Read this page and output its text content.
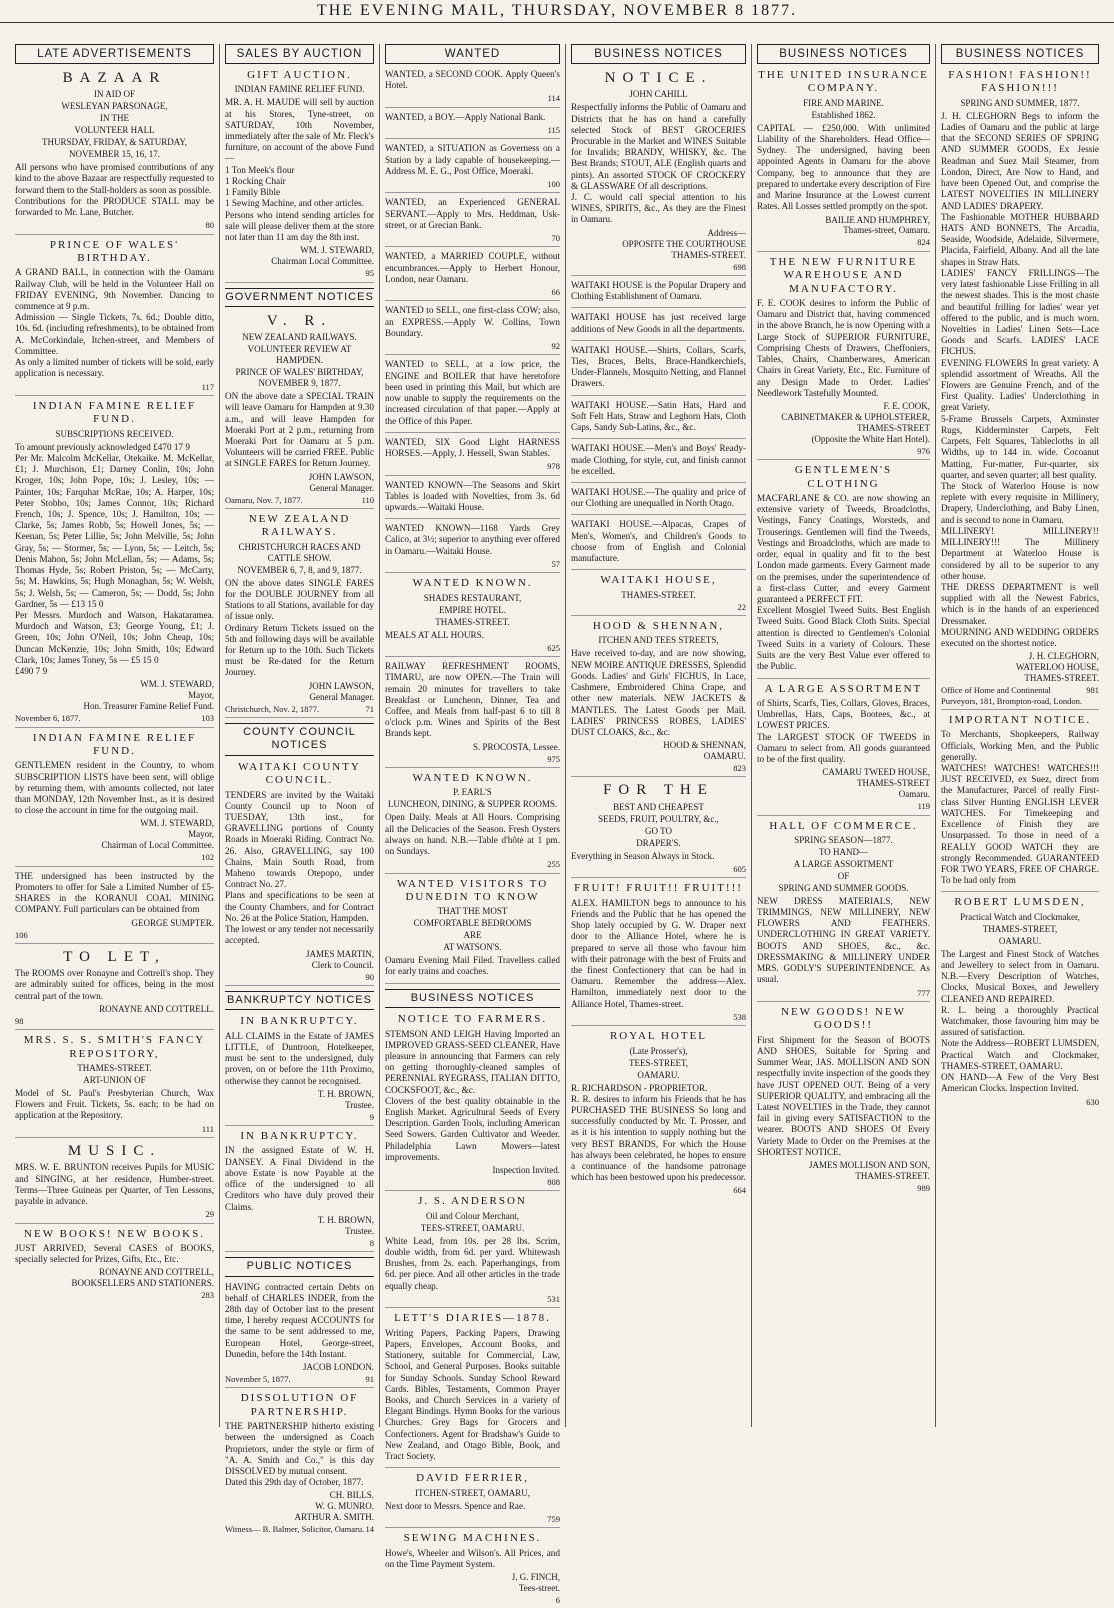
THE EVENING MAIL, THURSDAY, NOVEMBER 8 1877.
LATE ADVERTISEMENTS
BAZAAR
IN AID OF
WESLEYAN PARSONAGE,
IN THE
VOLUNTEER HALL
THURSDAY, FRIDAY, & SATURDAY,
NOVEMBER 15, 16, 17.
All persons who have promised contributions of any kind to the above Bazaar are respectfully requested to forward them to the Stall-holders as soon as possible.
Contributions for the PRODUCE STALL may be forwarded to Mr. Lane, Butcher.
80
PRINCE OF WALES' BIRTHDAY.
A GRAND BALL, in connection with the Oamaru Railway Club, will be held in the Volunteer Hall on FRIDAY EVENING, 9th November. Dancing to commence at 9 p.m.
Admission — Single Tickets, 7s. 6d.; Double ditto, 10s. 6d. (including refreshments), to be obtained from A. McCorkindale, Itchen-street, and Members of Committee.
As only a limited number of tickets will be sold, early application is necessary.
117
INDIAN FAMINE RELIEF FUND.
SUBSCRIPTIONS RECEIVED.
To amount previously acknowledged £470 17 9
Per Mr. Malcolm McKellar, Otekaike. M. McKellar, £1; J. Murchison, £1; Darney Conlin, 10s; John Kroger, 10s; John Pope, 10s; J. Lesley, 10s; — Painter, 10s; Farquhar McRae, 10s; A. Harper, 10s; Peter Stobbo, 10s; James Connor, 10s; Richard French, 10s; J. Spence, 10s; J. Hamilton, 10s; — Clarke, 5s; James Robb, 5s; Howell Jones, 5s; — Keenan, 5s; Peter Lillie, 5s; John Melville, 5s; John Gray, 5s; — Stormer, 5s; — Lyon, 5s; — Leitch, 5s; Denis Mahon, 5s; John McLellan, 5s; — Adams, 5s; Thomas Hyde, 5s; Robert Priston, 5s; — McCarty, 5s; M. Hawkins, 5s; Hugh Monaghan, 5s; W. Welsh, 5s; J. Welsh, 5s; — Cameron, 5s; — Dodd, 5s; John Gardner, 5s — £13 15 0
Per Messrs. Murdoch and Watson, Hakataramea. Murdoch and Watson, £3; George Young, £1; J. Green, 10s; John O'Neil, 10s; John Cheap, 10s; Duncan McKenzie, 10s; John Smith, 10s; Edward Clark, 10s; James Toney, 5s — £5 15 0
£490 7 9
WM. J. STEWARD,
Mayor,
Hon. Treasurer Famine Relief Fund.
November 6, 1877.	103
INDIAN FAMINE RELIEF FUND.
GENTLEMEN resident in the Country, to whom SUBSCRIPTION LISTS have been sent, will oblige by returning them, with amounts collected, not later than MONDAY, 12th November Inst., as it is desired to close the account in time for the outgoing mail.
WM. J. STEWARD,
Mayor,
Chairman of Local Committee.
102
THE undersigned has been instructed by the Promoters to offer for Sale a Limited Number of £5-SHARES in the KORANUI COAL MINING COMPANY. Full particulars can be obtained from
GEORGE SUMPTER.
106
TO LET,
The ROOMS over Ronayne and Cottrell's shop. They are admirably suited for offices, being in the most central part of the town.
RONAYNE AND COTTRELL.
98
MRS. S. S. SMITH'S FANCY REPOSITORY,
THAMES-STREET.
ART-UNION OF
Model of St. Paul's Presbyterian Church, Wax Flowers and Fruit. Tickets, 5s. each; to be had on application at the Repository.
111
MUSIC.
MRS. W. E. BRUNTON receives Pupils for MUSIC and SINGING, at her residence, Humber-street. Terms—Three Guineas per Quarter, of Ten Lessons, payable in advance.
29
NEW BOOKS! NEW BOOKS.
JUST ARRIVED, Several CASES of BOOKS, specially selected for Prizes, Gifts, Etc., Etc.
RONAYNE AND COTTRELL,
BOOKSELLERS AND STATIONERS.
283
SALES BY AUCTION
GIFT AUCTION.
INDIAN FAMINE RELIEF FUND.
MR. A. H. MAUDE will sell by auction at his Stores, Tyne-street, on SATURDAY, 10th November, immediately after the sale of Mr. Fleck's furniture, on account of the above Fund —
1 Ton Meek's flour
1 Rocking Chair
1 Family Bible
1 Sewing Machine, and other articles.
Persons who intend sending articles for sale will please deliver them at the store not later than 11 am day the 8th inst.
WM. J. STEWARD,
Chairman Local Committee.
95
GOVERNMENT NOTICES
V. R.
NEW ZEALAND RAILWAYS.
VOLUNTEER REVIEW AT HAMPDEN.
PRINCE OF WALES' BIRTHDAY, NOVEMBER 9, 1877.
ON the above date a SPECIAL TRAIN will leave Oamaru for Hampden at 9.30 a.m., and will leave Hampden for Moeraki Port at 2 p.m., returning from Moeraki Port for Oamaru at 5 p.m. Volunteers will be carried FREE. Public at SINGLE FARES for Return Journey.
JOHN LAWSON,
General Manager.
Oamaru, Nov. 7, 1877.	110
NEW ZEALAND RAILWAYS.
CHRISTCHURCH RACES AND CATTLE SHOW.
NOVEMBER 6, 7, 8, and 9, 1877.
ON the above dates SINGLE FARES for the DOUBLE JOURNEY from all Stations to all Stations, available for day of issue only.
Ordinary Return Tickets issued on the 5th and following days will be available for Return up to the 10th. Such Tickets must be Re-dated for the Return Journey.
JOHN LAWSON,
General Manager.
Christchurch, Nov. 2, 1877.	71
COUNTY COUNCIL NOTICES
WAITAKI COUNTY COUNCIL.
TENDERS are invited by the Waitaki County Council up to Noon of TUESDAY, 13th inst., for GRAVELLING portions of County Roads in Moeraki Riding. Contract No. 26. Also, GRAVELLING, say 100 Chains, Main South Road, from Maheno towards Otepopo, under Contract No. 27.
Plans and specifications to be seen at the County Chambers, and for Contract No. 26 at the Police Station, Hampden.
The lowest or any tender not necessarily accepted.
JAMES MARTIN,
Clerk to Council.
90
BANKRUPTCY NOTICES
IN BANKRUPTCY.
ALL CLAIMS in the Estate of JAMES LITTLE, of Duntroon, Hotelkeeper, must be sent to the undersigned, duly proven, on or before the 11th Proximo, otherwise they cannot be recognised.
T. H. BROWN,
Trustee.
9
IN BANKRUPTCY.
IN the assigned Estate of W. H. DANSEY. A Final Dividend in the above Estate is now Payable at the office of the undersigned to all Creditors who have duly proved their Claims.
T. H. BROWN,
Trustee.
8
PUBLIC NOTICES
HAVING contracted certain Debts on behalf of CHARLES INDER, from the 28th day of October last to the present time, I hereby request ACCOUNTS for the same to be sent addressed to me, European Hotel, George-street, Dunedin, before the 14th Instant.
JACOB LONDON.
November 5, 1877.	91
DISSOLUTION OF PARTNERSHIP.
THE PARTNERSHIP hitherto existing between the undersigned as Coach Proprietors, under the style or firm of "A. A. Smith and Co.," is this day DISSOLVED by mutual consent.
Dated this 29th day of October, 1877.
CH. BILLS.
W. G. MUNRO.
ARTHUR A. SMITH.
Witness— B. Balmer, Solicitor, Oamaru. 14
WANTED
WANTED, a SECOND COOK. Apply Queen's Hotel.
114
WANTED, a BOY.—Apply National Bank.
115
WANTED, a SITUATION as Governess on a Station by a lady capable of housekeeping.—Address M. E. G., Post Office, Moeraki.
100
WANTED, an Experienced GENERAL SERVANT.—Apply to Mrs. Heddman, Usk-street, or at Grecian Bank.
70
WANTED, a MARRIED COUPLE, without encumbrances.—Apply to Herbert Honour, London, near Oamaru.
66
WANTED to SELL, one first-class COW; also, an EXPRESS.—Apply W. Collins, Town Boundary.
92
WANTED to SELL, at a low price, the ENGINE and BOILER that have heretofore been used in printing this Mail, but which are now unable to supply the requirements on the increased circulation of that paper.—Apply at the Office of this Paper.
WANTED, SIX Good Light HARNESS HORSES.—Apply, J. Hessell, Swan Stables.
978
WANTED KNOWN—The Seasons and Skirt Tables is loaded with Novelties, from 3s. 6d upwards.—Waitaki House.
WANTED KNOWN—1168 Yards Grey Calico, at 3½; superior to anything ever offered in Oamaru.—Waitaki House.
57
WANTED KNOWN.
SHADES RESTAURANT,
EMPIRE HOTEL.
THAMES-STREET.
MEALS AT ALL HOURS.
625
RAILWAY REFRESHMENT ROOMS, TIMARU, are now OPEN.—The Train will remain 20 minutes for travellers to take Breakfast or Luncheon, Dinner, Tea and Coffee, and Meals from half-past 6 to till 8 o'clock p.m. Wines and Spirits of the Best Brands kept.
S. PROCOSTA, Lessee.
975
WANTED KNOWN.
P. EARL'S
LUNCHEON, DINING, & SUPPER ROOMS.
Open Daily. Meals at All Hours. Comprising all the Delicacies of the Season. Fresh Oysters always on hand. N.B.—Table d'hôte at 1 pm. on Sundays.
255
WANTED VISITORS TO DUNEDIN TO KNOW
THAT THE MOST
COMFORTABLE BEDROOMS
ARE
AT WATSON'S.
Oamaru Evening Mail Filed. Travellers called for early trains and coaches.
BUSINESS NOTICES
NOTICE TO FARMERS.
STEMSON AND LEIGH Having Imported an IMPROVED GRASS-SEED CLEANER, Have pleasure in announcing that Farmers can rely on getting thoroughly-cleaned samples of PERENNIAL RYEGRASS, ITALIAN DITTO, COCKSFOOT, &c., &c.
Clovers of the best quality obtainable in the English Market. Agricultural Seeds of Every Description. Garden Tools, including American Seed Sowers. Garden Cultivator and Weeder. Philadelphia Lawn Mowers—latest improvements.
Inspection Invited.
808
J. S. ANDERSON
Oil and Colour Merchant,
TEES-STREET, OAMARU.
White Lead, from 10s. per 28 lbs. Scrim, double width, from 6d. per yard. Whitewash Brushes, from 2s. each. Paperhangings, from 6d. per piece. And all other articles in the trade equally cheap.
531
LETT'S DIARIES—1878.
Writing Papers, Packing Papers, Drawing Papers, Envelopes, Account Books, and Stationery, suitable for Commercial, Law, School, and General Purposes. Books suitable for Sunday Schools. Sunday School Reward Cards. Bibles, Testaments, Common Prayer Books, and Church Services in a variety of Elegant Bindings. Hymn Books for the various Churches. Grey Bags for Grocers and Confectioners. Agent for Bradshaw's Guide to New Zealand, and Otago Bible, Book, and Tract Society.
DAVID FERRIER,
ITCHEN-STREET, OAMARU,
Next door to Messrs. Spence and Rae.
759
SEWING MACHINES.
Howe's, Wheeler and Wilson's. All Prices, and on the Time Payment System.
J. G. FINCH,
Tees-street.
6
BUSINESS NOTICES
NOTICE.
JOHN CAHILL
Respectfully informs the Public of Oamaru and Districts that he has on hand a carefully selected Stock of BEST GROCERIES Procurable in the Market and WINES Suitable for Invalids; BRANDY, WHISKY, &c. The Best Brands; STOUT, ALE (English quarts and pints). An assorted STOCK OF CROCKERY & GLASSWARE Of all descriptions.
J. C. would call special attention to his WINES, SPIRITS, &c., As they are the Finest in Oamaru.
Address—
OPPOSITE THE COURTHOUSE
THAMES-STREET.
698
WAITAKI HOUSE is the Popular Drapery and Clothing Establishment of Oamaru.
WAITAKI HOUSE has just received large additions of New Goods in all the departments.
WAITAKI HOUSE.—Shirts, Collars, Scarfs, Ties, Braces, Belts, Brace-Handkerchiefs, Under-Flannels, Mosquito Netting, and Flannel Drawers.
WAITAKI HOUSE.—Satin Hats, Hard and Soft Felt Hats, Straw and Leghorn Hats, Cloth Caps, Sandy Sub-Latins, &c., &c.
WAITAKI HOUSE.—Men's and Boys' Ready-made Clothing, for style, cut, and finish cannot be excelled.
WAITAKI HOUSE.—The quality and price of our Clothing are unequalled in North Otago.
WAITAKI HOUSE.—Alpacas, Crapes of Men's, Women's, and Children's Goods to choose from of English and Colonial manufacture.
WAITAKI HOUSE,
THAMES-STREET.
22
HOOD & SHENNAN,
ITCHEN AND TEES STREETS,
Have received to-day, and are now showing, NEW MOIRE ANTIQUE DRESSES, Splendid Goods. Ladies' and Girls' FICHUS, In Lace, Cashmere, Embroidered China Crape, and other new materials. NEW JACKETS & MANTLES. The Latest Goods per Mail. LADIES' PRINCESS ROBES, LADIES' DUST CLOAKS, &c., &c.
HOOD & SHENNAN,
OAMARU.
823
FOR THE
BEST AND CHEAPEST
SEEDS, FRUIT, POULTRY, &c.,
GO TO
DRAPER'S.
Everything in Season Always in Stock.
605
FRUIT! FRUIT!! FRUIT!!!
ALEX. HAMILTON begs to announce to his Friends and the Public that he has opened the Shop lately occupied by G. W. Draper next door to the Alliance Hotel, where he is prepared to serve all those who favour him with their patronage with the best of Fruits and the finest Confectionery that can be had in Oamaru. Remember the address—Alex. Hamilton, immediately next door to the Alliance Hotel, Thames-street.
538
ROYAL HOTEL
(Late Prosser's),
TEES-STREET,
OAMARU.
R. RICHARDSON - PROPRIETOR.
R. R. desires to inform his Friends that he has PURCHASED THE BUSINESS So long and successfully conducted by Mr. T. Prosser, and as it is his intention to supply nothing but the very BEST BRANDS, For which the House has always been celebrated, he hopes to ensure a continuance of the handsome patronage which has been bestowed upon his predecessor.
664
BUSINESS NOTICES
THE UNITED INSURANCE COMPANY.
FIRE AND MARINE.
Established 1862.
CAPITAL — £250,000. With unlimited Liability of the Shareholders. Head Office—Sydney. The undersigned, having been appointed Agents in Oamaru for the above Company, beg to announce that they are prepared to undertake every description of Fire and Marine Insurance at the Lowest current Rates. All Losses settled promptly on the spot.
BAILIE AND HUMPHREY,
Thames-street, Oamaru.
824
THE NEW FURNITURE WAREHOUSE AND MANUFACTORY.
F. E. COOK desires to inform the Public of Oamaru and District that, having commenced in the above Branch, he is now Opening with a Large Stock of SUPERIOR FURNITURE, Comprising Chests of Drawers, Cheffoniers, Tables, Chairs, Chamberwares, American Chairs in Great Variety, Etc., Etc. Furniture of any Design Made to Order. Ladies' Needlework Tastefully Mounted.
F. E. COOK,
CABINETMAKER & UPHOLSTERER,
THAMES-STREET
(Opposite the White Hart Hotel).
976
GENTLEMEN'S CLOTHING
MACFARLANE & CO. are now showing an extensive variety of Tweeds, Broadcloths, Vestings, Fancy Coatings, Worsteds, and Trouserings. Gentlemen will find the Tweeds, Vestings and Broadcloths, which are made to order, equal in quality and fit to the best London made garments. Every Garment made on the premises, under the superintendence of a first-class Cutter, and every Garment guaranteed a PERFECT FIT.
Excellent Mosgiel Tweed Suits. Best English Tweed Suits. Good Black Cloth Suits. Special attention is directed to Gentlemen's Colonial Tweed Suits in a variety of Colours. These Suits are the very Best Value ever offered to the Public.
A LARGE ASSORTMENT
of Shirts, Scarfs, Ties, Collars, Gloves, Braces, Umbrellas, Hats, Caps, Bootees, &c., at LOWEST PRICES.
The LARGEST STOCK OF TWEEDS in Oamaru to select from. All goods guaranteed to be of the first quality.
CAMARU TWEED HOUSE,
THAMES-STREET
Oamaru.
119
HALL OF COMMERCE.
SPRING SEASON—1877.
TO HAND—
A LARGE ASSORTMENT
OF
SPRING AND SUMMER GOODS.
NEW DRESS MATERIALS, NEW TRIMMINGS, NEW MILLINERY, NEW FLOWERS AND FEATHERS. UNDERCLOTHING IN GREAT VARIETY. BOOTS AND SHOES, &c., &c. DRESSMAKING & MILLINERY UNDER MRS. GODLY'S SUPERINTENDENCE. As usual.
777
NEW GOODS! NEW GOODS!!
First Shipment for the Season of BOOTS AND SHOES, Suitable for Spring and Summer Wear, JAS. MOLLISON AND SON respectfully invite inspection of the goods they have JUST OPENED OUT. Being of a very SUPERIOR QUALITY, and embracing all the Latest NOVELTIES in the Trade, they cannot fail in giving every SATISFACTION to the wearer. BOOTS AND SHOES Of Every Variety Made to Order on the Premises at the SHORTEST NOTICE.
JAMES MOLLISON AND SON,
THAMES-STREET.
989
BUSINESS NOTICES
FASHION! FASHION!! FASHION!!!
SPRING AND SUMMER, 1877.
J. H. CLEGHORN Begs to inform the Ladies of Oamaru and the public at large that the SECOND SERIES OF SPRING AND SUMMER GOODS, Ex Jessie Readman and Suez Mail Steamer, from London, Direct, Are Now to Hand, and have been Opened Out, and comprise the LATEST NOVELTIES IN MILLINERY AND LADIES' DRAPERY.
The Fashionable MOTHER HUBBARD HATS AND BONNETS, The Arcadia, Seaside, Woodside, Adelaide, Silvermere, Placida, Fairfield, Albany. And all the late shapes in Straw Hats.
LADIES' FANCY FRILLINGS—The very latest fashionable Lisse Frilling in all the newest shades. This is the most chaste and beautiful frilling for ladies' wear yet offered to the public, and is much worn. Novelties in Ladies' Linen Sets—Lace Goods and Scarfs. LADIES' LACE FICHUS.
EVENING FLOWERS In great variety. A splendid assortment of Wreaths. All the Flowers are Genuine French, and of the First Quality. Ladies' Underclothing in great Variety.
5-Frame Brussels Carpets, Axminster Rugs, Kidderminster Carpets, Felt Carpets, Felt Squares, Tablecloths in all Widths, up to 144 in. wide. Cocoanut Matting, Fur-matter, Fur-quarter, six quarter, and seven quarter; all best quality.
The Stock of Waterloo House is now replete with every requisite in Millinery, Drapery, Underclothing, and Baby Linen, and is second to none in Oamaru.
MILLINERY! MILLINERY!! MILLINERY!!! The Millinery Department at Waterloo House is considered by all to be superior to any other house.
THE DRESS DEPARTMENT is well supplied with all the Newest Fabrics, which is in the hands of an experienced Dressmaker.
MOURNING AND WEDDING ORDERS executed on the shortest notice.
J. H. CLEGHORN,
WATERLOO HOUSE,
THAMES-STREET.
Office of Home and Continental Purveyors, 181, Brompton-road, London.
981
IMPORTANT NOTICE.
To Merchants, Shopkeepers, Railway Officials, Working Men, and the Public generally.
WATCHES! WATCHES! WATCHES!!! JUST RECEIVED, ex Suez, direct from the Manufacturer, Parcel of really First-class Silver Hunting ENGLISH LEVER WATCHES. For Timekeeping and Excellence of Finish they are Unsurpassed. To those in need of a REALLY GOOD WATCH they are strongly Recommended. GUARANTEED FOR TWO YEARS, FREE OF CHARGE. To be had only from
ROBERT LUMSDEN,
Practical Watch and Clockmaker,
THAMES-STREET,
OAMARU.
The Largest and Finest Stock of Watches and Jewellery to select from in Oamaru. N.B.—Every Description of Watches, Clocks, Musical Boxes, and Jewellery CLEANED AND REPAIRED.
R. L. being a thoroughly Practical Watchmaker, those favouring him may be assured of satisfaction.
Note the Address—ROBERT LUMSDEN, Practical Watch and Clockmaker, THAMES-STREET, OAMARU.
ON HAND—A Few of the Very Best American Clocks. Inspection Invited.
630
